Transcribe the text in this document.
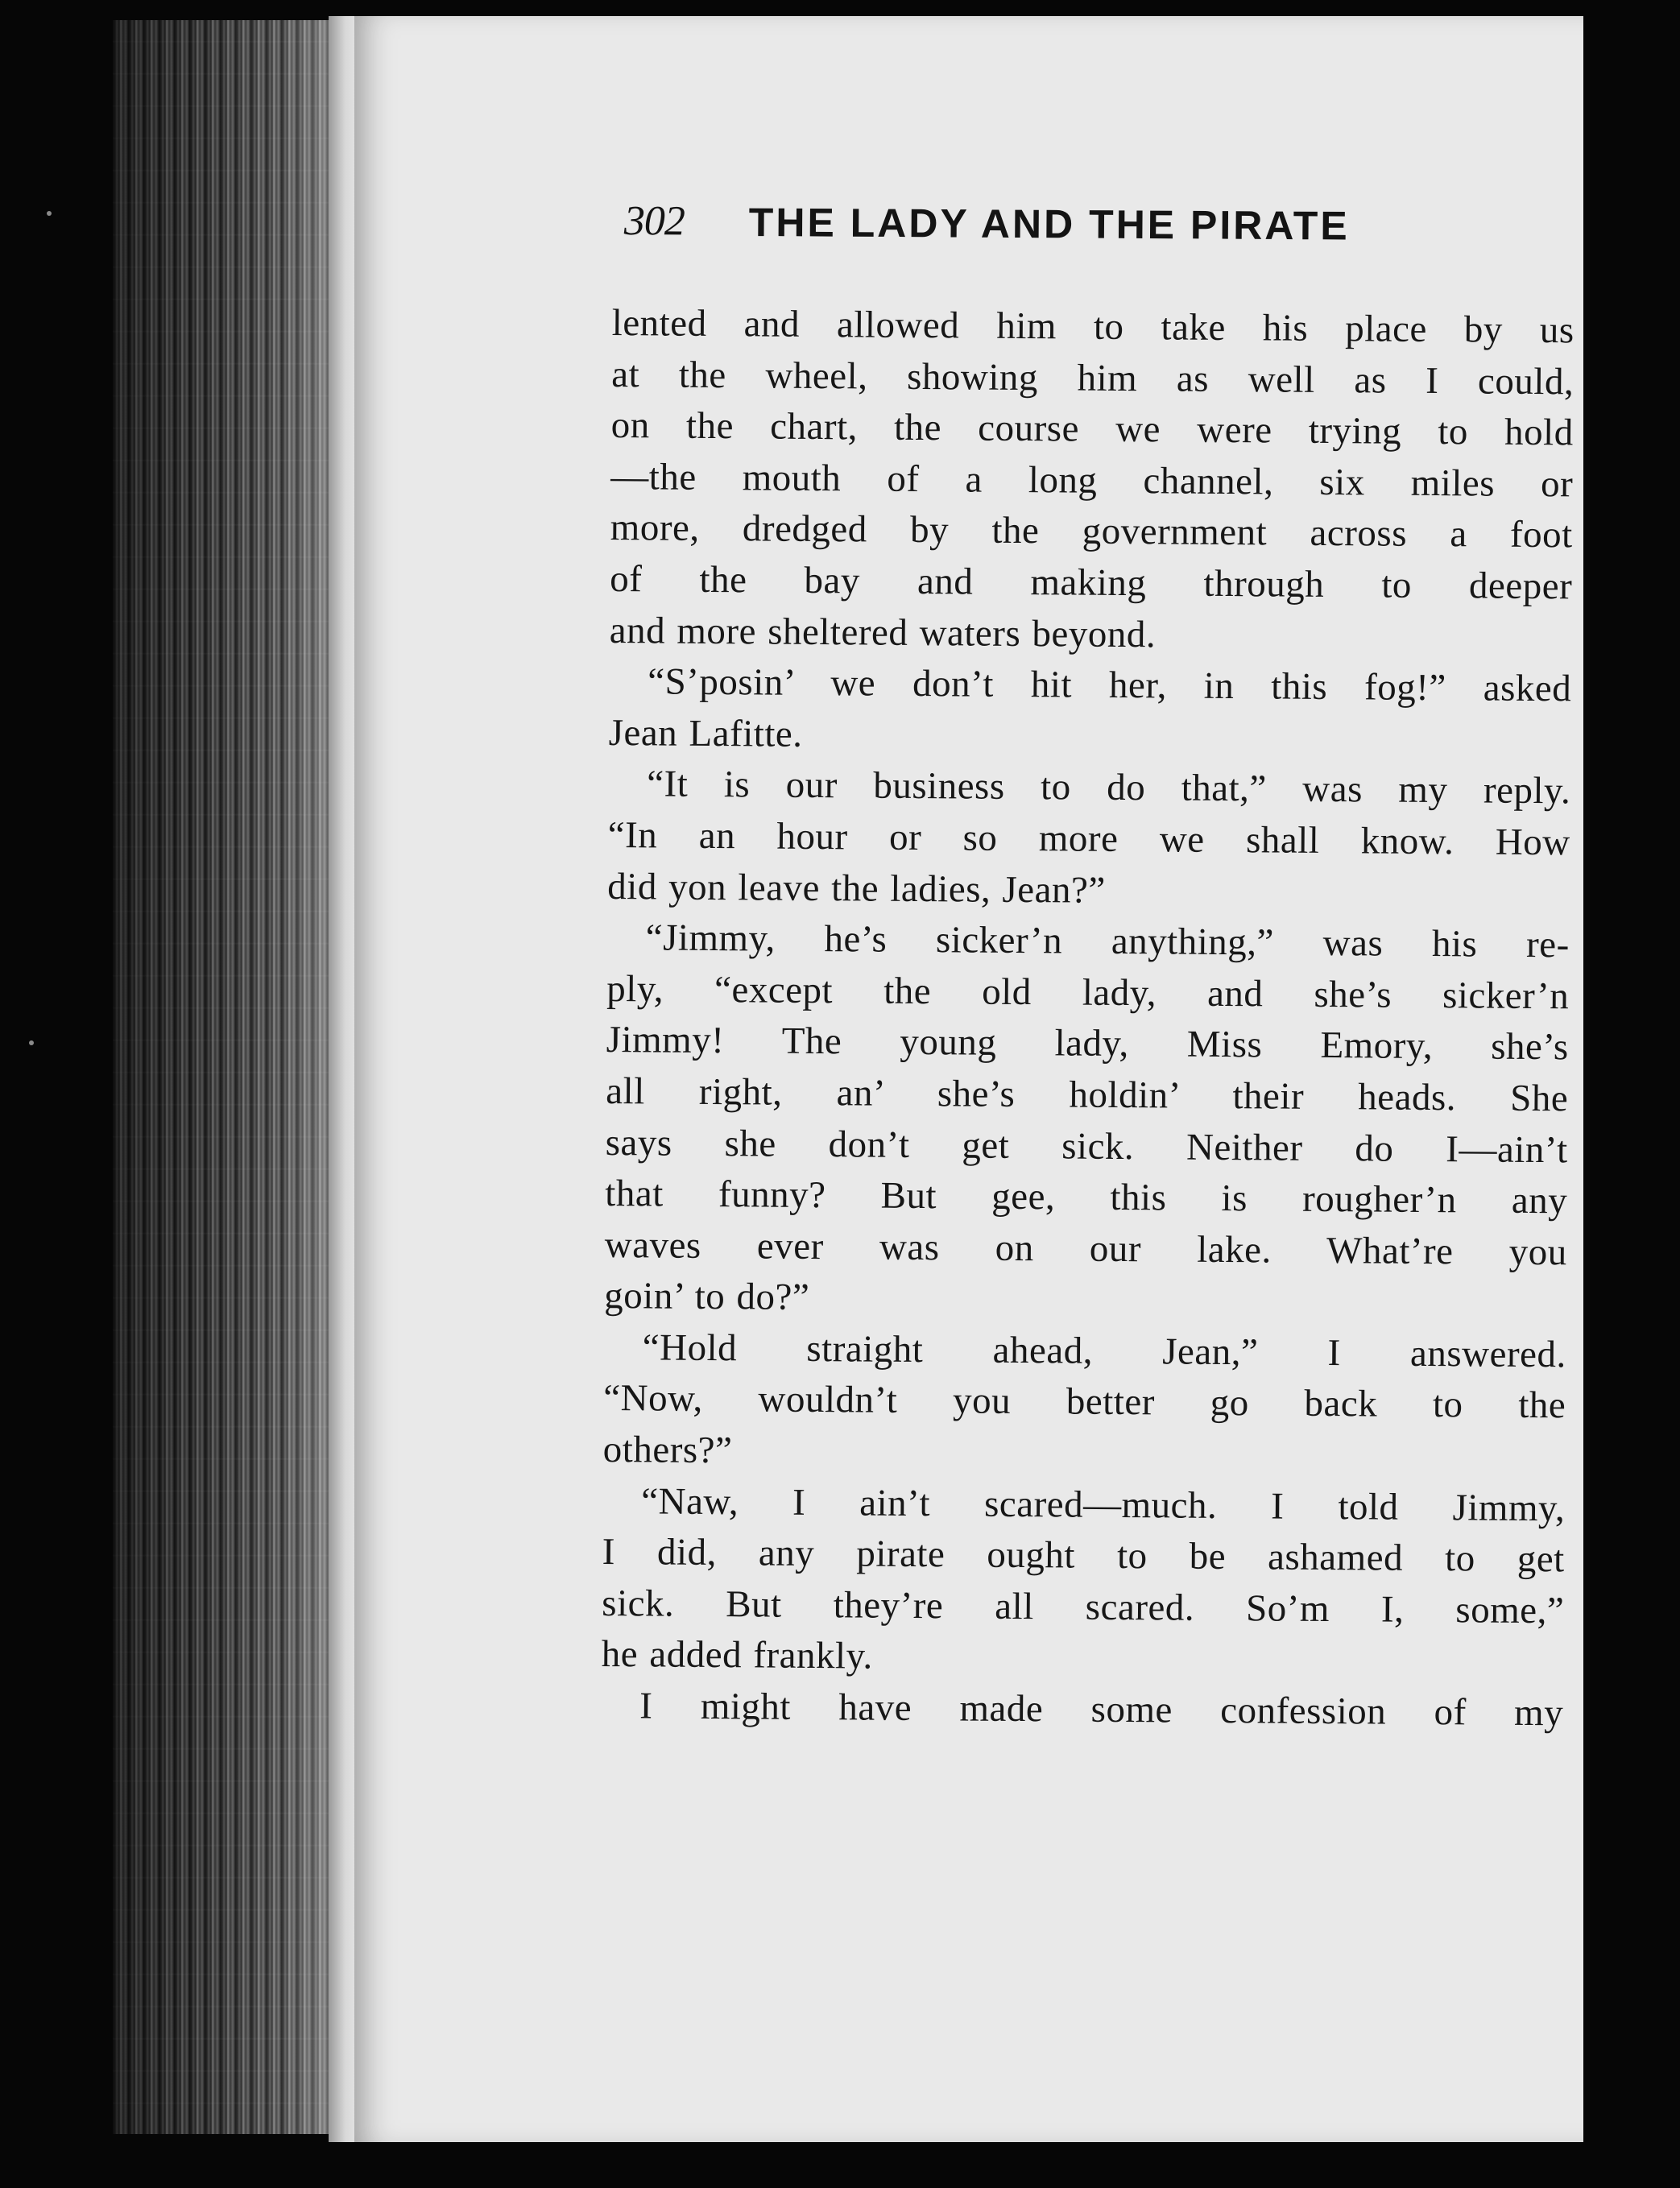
302 THE LADY AND THE PIRATE
lented and allowed him to take his place by us
at the wheel, showing him as well as I could,
on the chart, the course we were trying to hold
—the mouth of a long channel, six miles or
more, dredged by the government across a foot
of the bay and making through to deeper
and more sheltered waters beyond.
“S’posin’ we don’t hit her, in this fog!” asked
Jean Lafitte.
“It is our business to do that,” was my reply.
“In an hour or so more we shall know. How
did yon leave the ladies, Jean?”
“Jimmy, he’s sicker’n anything,” was his re-
ply, “except the old lady, and she’s sicker’n
Jimmy! The young lady, Miss Emory, she’s
all right, an’ she’s holdin’ their heads. She
says she don’t get sick. Neither do I—ain’t
that funny? But gee, this is rougher’n any
waves ever was on our lake. What’re you
goin’ to do?”
“Hold straight ahead, Jean,” I answered.
“Now, wouldn’t you better go back to the
others?”
“Naw, I ain’t scared—much. I told Jimmy,
I did, any pirate ought to be ashamed to get
sick. But they’re all scared. So’m I, some,”
he added frankly.
I might have made some confession of my
